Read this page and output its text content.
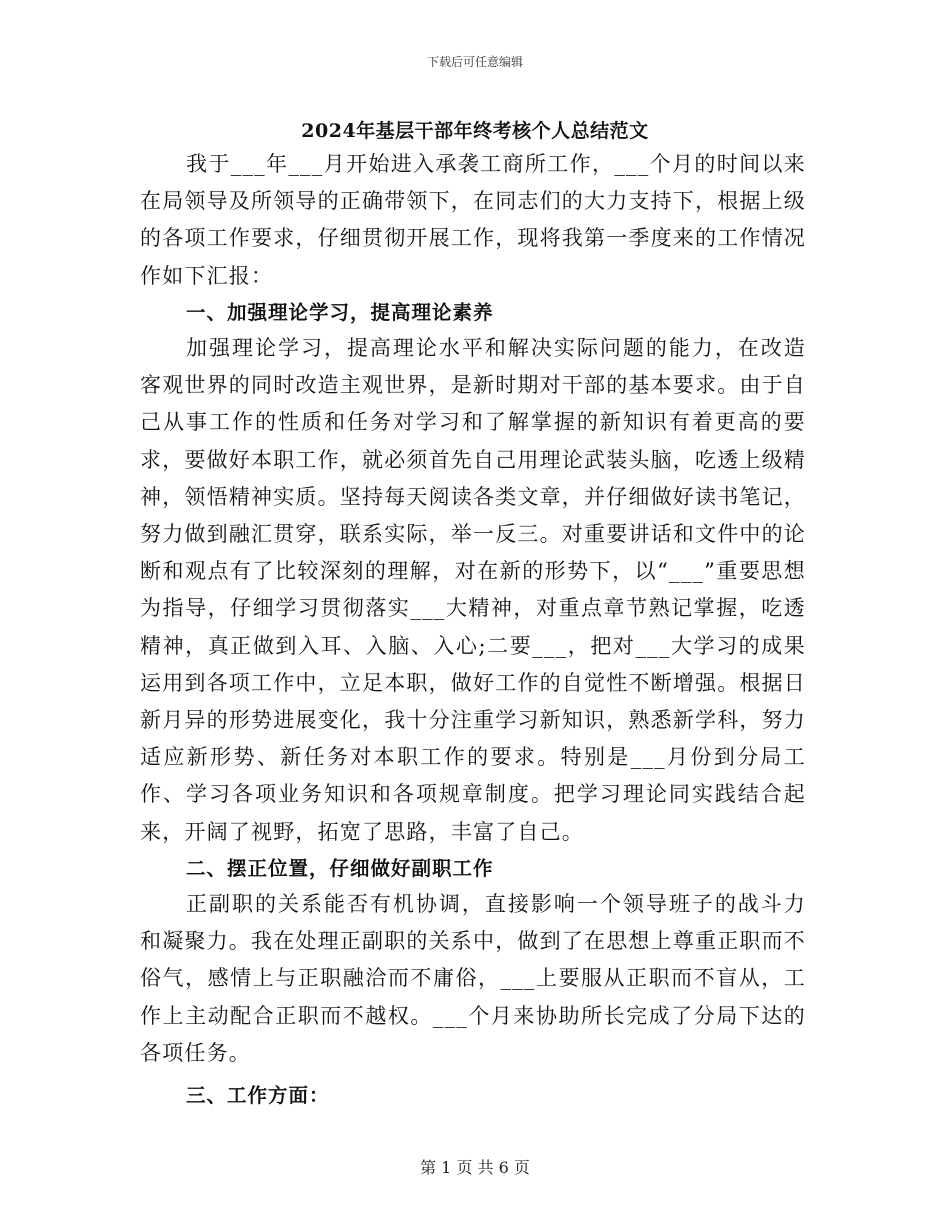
下载后可任意编辑
2024年基层干部年终考核个人总结范文
我于___年___月开始进入承袭工商所工作，___个月的时间以来在局领导及所领导的正确带领下，在同志们的大力支持下，根据上级的各项工作要求，仔细贯彻开展工作，现将我第一季度来的工作情况作如下汇报：
一、加强理论学习，提高理论素养
加强理论学习，提高理论水平和解决实际问题的能力，在改造客观世界的同时改造主观世界，是新时期对干部的基本要求。由于自己从事工作的性质和任务对学习和了解掌握的新知识有着更高的要求，要做好本职工作，就必须首先自己用理论武装头脑，吃透上级精神，领悟精神实质。坚持每天阅读各类文章，并仔细做好读书笔记，努力做到融汇贯穿，联系实际，举一反三。对重要讲话和文件中的论断和观点有了比较深刻的理解，对在新的形势下，以“___”重要思想为指导，仔细学习贯彻落实___大精神，对重点章节熟记掌握，吃透精神，真正做到入耳、入脑、入心;二要___，把对___大学习的成果运用到各项工作中，立足本职，做好工作的自觉性不断增强。根据日新月异的形势进展变化，我十分注重学习新知识，熟悉新学科，努力适应新形势、新任务对本职工作的要求。特别是___月份到分局工作、学习各项业务知识和各项规章制度。把学习理论同实践结合起来，开阔了视野，拓宽了思路，丰富了自己。
二、摆正位置，仔细做好副职工作
正副职的关系能否有机协调，直接影响一个领导班子的战斗力和凝聚力。我在处理正副职的关系中，做到了在思想上尊重正职而不俗气，感情上与正职融洽而不庸俗，___上要服从正职而不盲从，工作上主动配合正职而不越权。___个月来协助所长完成了分局下达的各项任务。
三、工作方面：
第 1 页 共 6 页
